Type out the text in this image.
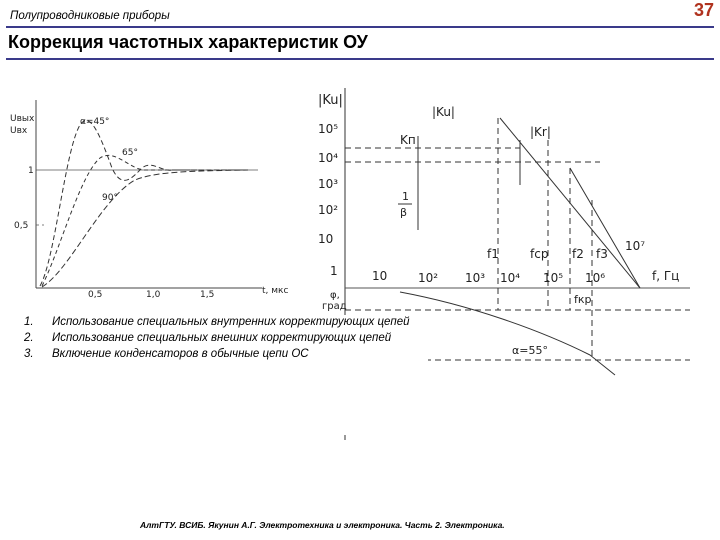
Полупроводниковые приборы	37
Коррекция частотных характеристик ОУ
Uвых
Uвх
1
0,5
0,5	1,0	1,5	t, мкс
α=45°
65°
90°
|Ku|
10⁵
10⁴
10³
10²
10
1
|Ku|
|Kr|
Kп
1
β
10	10² 10³ 10⁴ 10⁵ 10⁶
10⁷
f, Гц
f1	fср f2 f3
fкр
φ,
град
α=55°
1. Использование специальных внутренних корректирующих цепей
2. Использование специальных внешних корректирующих цепей
3. Включение конденсаторов в обычные цепи ОС
АлтГТУ. ВСИБ. Якунин А.Г. Электротехника и электроника. Часть 2. Электроника.
